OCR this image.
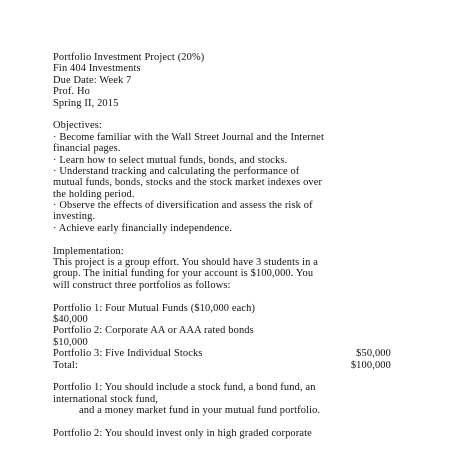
Portfolio Investment Project (20%)
Fin 404 Investments
Due Date: Week 7
Prof. Ho
Spring II, 2015
Objectives:
· Become familiar with the Wall Street Journal and the Internet
financial pages.
· Learn how to select mutual funds, bonds, and stocks.
· Understand tracking and calculating the performance of
mutual funds, bonds, stocks and the stock market indexes over
the holding period.
· Observe the effects of diversification and assess the risk of
investing.
· Achieve early financially independence.
Implementation:
This project is a group effort. You should have 3 students in a
group. The initial funding for your account is $100,000. You
will construct three portfolios as follows:
Portfolio 1: Four Mutual Funds ($10,000 each)
$40,000
Portfolio 2: Corporate AA or AAA rated bonds
$10,000
Portfolio 3: Five Individual Stocks	$50,000
Total:	$100,000
Portfolio 1: You should include a stock fund, a bond fund, an
international stock fund,
and a money market fund in your mutual fund portfolio.
Portfolio 2: You should invest only in high graded corporate
